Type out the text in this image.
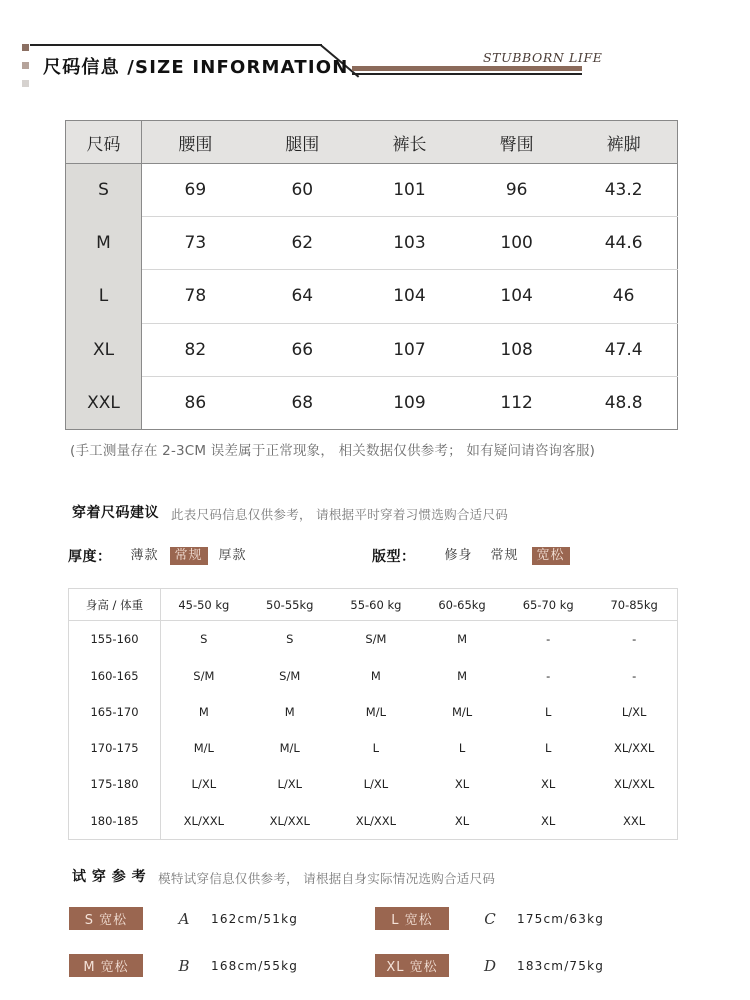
尺码信息 /SIZE INFORMATION	STUBBORN LIFE
尺码	腰围	腿围	裤长	臀围	裤脚
S	69	60	101	96	43.2
M	73	62	103	100	44.6
L	78	64	104	104	46
XL	82	66	107	108	47.4
XXL	86	68	109	112	48.8
(手工测量存在 2-3CM 误差属于正常现象， 相关数据仅供参考； 如有疑问请咨询客服)
穿着尺码建议 此表尺码信息仅供参考， 请根据平时穿着习惯选购合适尺码
厚度：	薄款	常规	厚款	版型：	修身	常规	宽松
身高 / 体重	45-50 kg	50-55kg	55-60 kg	60-65kg	65-70 kg	70-85kg
155-160	S	S	S/M	M	-	-
160-165	S/M	S/M	M	M	-	-
165-170	M	M	M/L	M/L	L	L/XL
170-175	M/L	M/L	L	L	L	XL/XXL
175-180	L/XL	L/XL	L/XL	XL	XL	XL/XXL
180-185	XL/XXL	XL/XXL	XL/XXL	XL	XL	XXL
试 穿 参 考 模特试穿信息仅供参考， 请根据自身实际情况选购合适尺码
S 宽松	A	162cm/51kg
M 宽松	B	168cm/55kg
L 宽松	C	175cm/63kg
XL 宽松	D	183cm/75kg
